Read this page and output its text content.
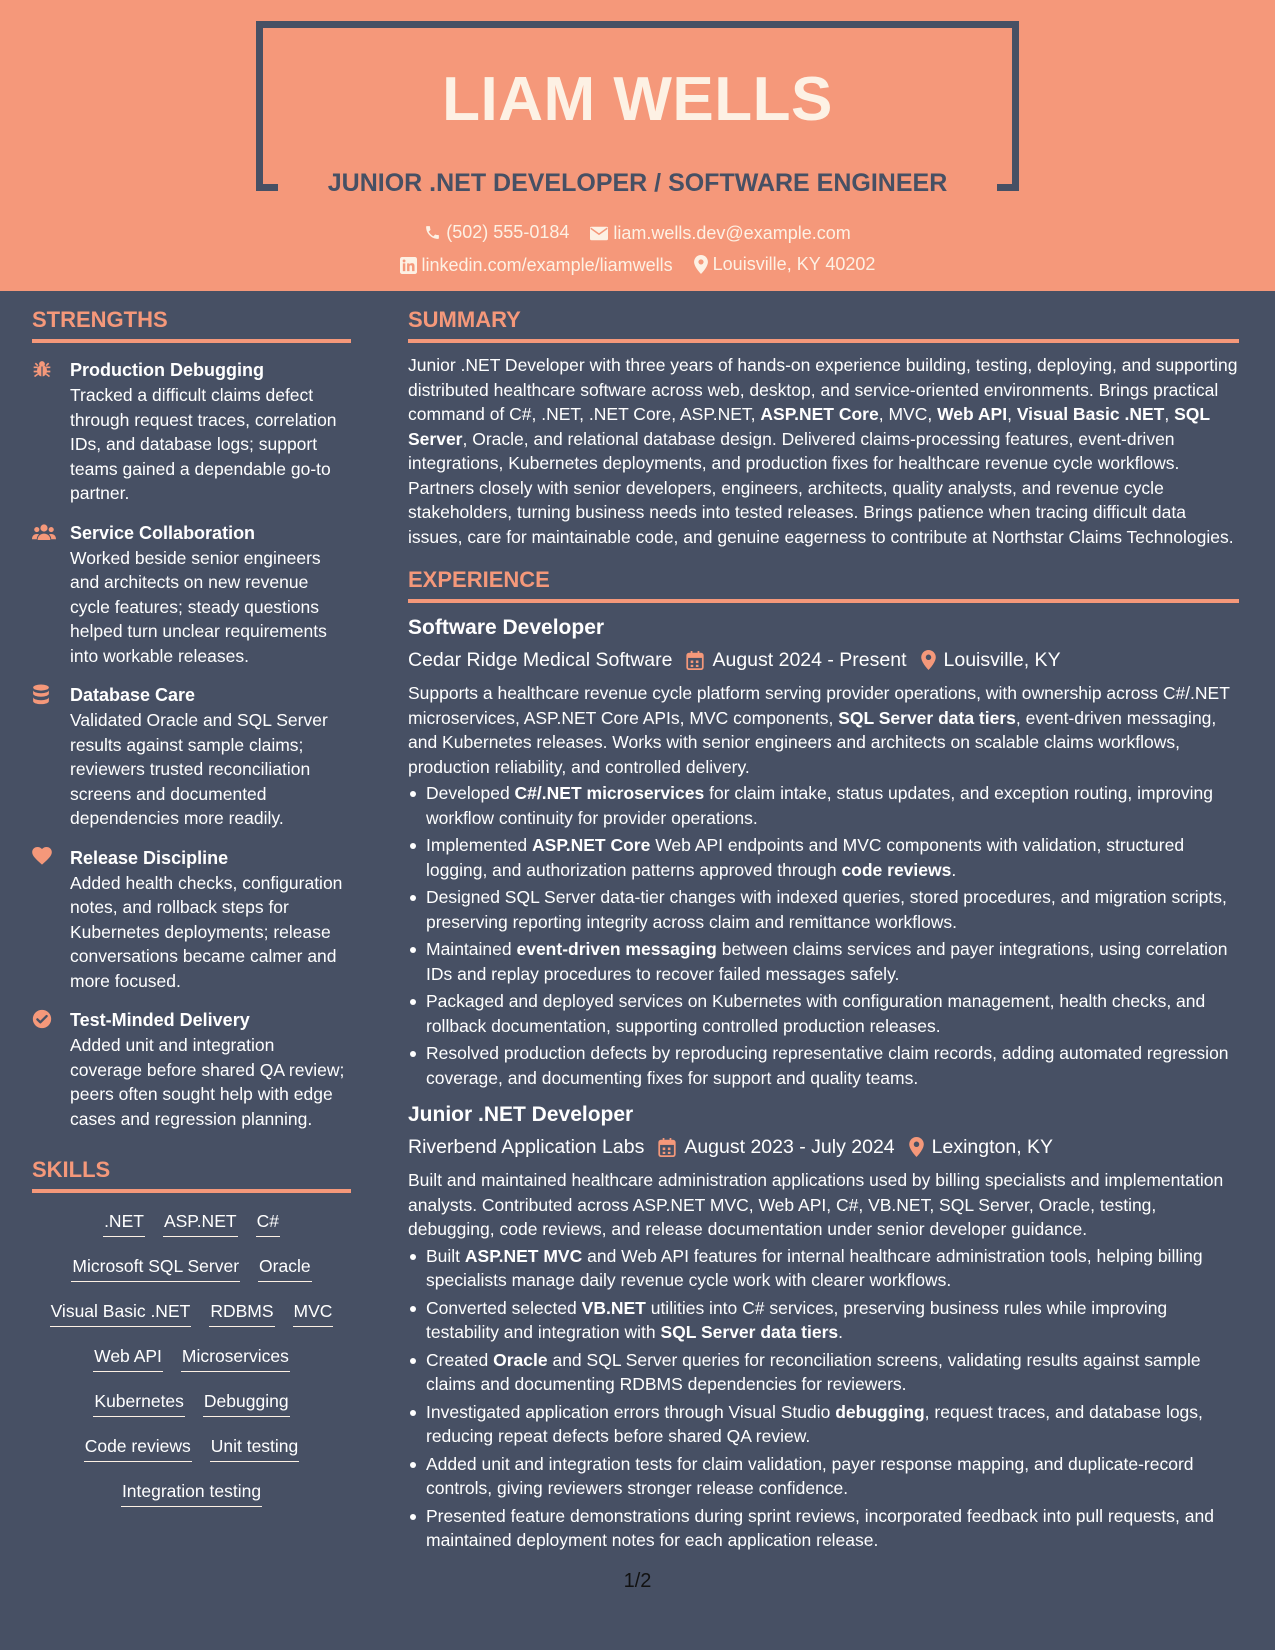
LIAM WELLS
JUNIOR .NET DEVELOPER / SOFTWARE ENGINEER
(502) 555-0184
liam.wells.dev@example.com
linkedin.com/example/liamwells
Louisville, KY 40202
STRENGTHS
Production Debugging
Tracked a difficult claims defect through request traces, correlation IDs, and database logs; support teams gained a dependable go-to partner.
Service Collaboration
Worked beside senior engineers and architects on new revenue cycle features; steady questions helped turn unclear requirements into workable releases.
Database Care
Validated Oracle and SQL Server results against sample claims; reviewers trusted reconciliation screens and documented dependencies more readily.
Release Discipline
Added health checks, configuration notes, and rollback steps for Kubernetes deployments; release conversations became calmer and more focused.
Test-Minded Delivery
Added unit and integration coverage before shared QA review; peers often sought help with edge cases and regression planning.
SKILLS
.NET ASP.NET C#
Microsoft SQL Server Oracle
Visual Basic .NET RDBMS MVC
Web API Microservices
Kubernetes Debugging
Code reviews Unit testing
Integration testing
SUMMARY

Junior .NET Developer with three years of hands-on experience building, testing, deploying, and supporting distributed healthcare software across web, desktop, and service-oriented environments. Brings practical command of C#, .NET, .NET Core, ASP.NET, ASP.NET Core, MVC, Web API, Visual Basic .NET, SQL Server, Oracle, and relational database design. Delivered claims-processing features, event-driven integrations, Kubernetes deployments, and production fixes for healthcare revenue cycle workflows. Partners closely with senior developers, engineers, architects, quality analysts, and revenue cycle stakeholders, turning business needs into tested releases. Brings patience when tracing difficult data issues, care for maintainable code, and genuine eagerness to contribute at Northstar Claims Technologies.

EXPERIENCE
Software Developer
Cedar Ridge Medical Software August 2024 - Present Louisville, KY

Supports a healthcare revenue cycle platform serving provider operations, with ownership across C#/.NET microservices, ASP.NET Core APIs, MVC components, SQL Server data tiers, event-driven messaging, and Kubernetes releases. Works with senior engineers and architects on scalable claims workflows, production reliability, and controlled delivery.

Developed C#/.NET microservices for claim intake, status updates, and exception routing, improving workflow continuity for provider operations.
Implemented ASP.NET Core Web API endpoints and MVC components with validation, structured logging, and authorization patterns approved through code reviews.
Designed SQL Server data-tier changes with indexed queries, stored procedures, and migration scripts, preserving reporting integrity across claim and remittance workflows.
Maintained event-driven messaging between claims services and payer integrations, using correlation IDs and replay procedures to recover failed messages safely.
Packaged and deployed services on Kubernetes with configuration management, health checks, and rollback documentation, supporting controlled production releases.
Resolved production defects by reproducing representative claim records, adding automated regression coverage, and documenting fixes for support and quality teams.
Junior .NET Developer
Riverbend Application Labs August 2023 - July 2024 Lexington, KY

Built and maintained healthcare administration applications used by billing specialists and implementation analysts. Contributed across ASP.NET MVC, Web API, C#, VB.NET, SQL Server, Oracle, testing, debugging, code reviews, and release documentation under senior developer guidance.

Built ASP.NET MVC and Web API features for internal healthcare administration tools, helping billing specialists manage daily revenue cycle work with clearer workflows.
Converted selected VB.NET utilities into C# services, preserving business rules while improving testability and integration with SQL Server data tiers.
Created Oracle and SQL Server queries for reconciliation screens, validating results against sample claims and documenting RDBMS dependencies for reviewers.
Investigated application errors through Visual Studio debugging, request traces, and database logs, reducing repeat defects before shared QA review.
Added unit and integration tests for claim validation, payer response mapping, and duplicate-record controls, giving reviewers stronger release confidence.
Presented feature demonstrations during sprint reviews, incorporated feedback into pull requests, and maintained deployment notes for each application release.
1/2
